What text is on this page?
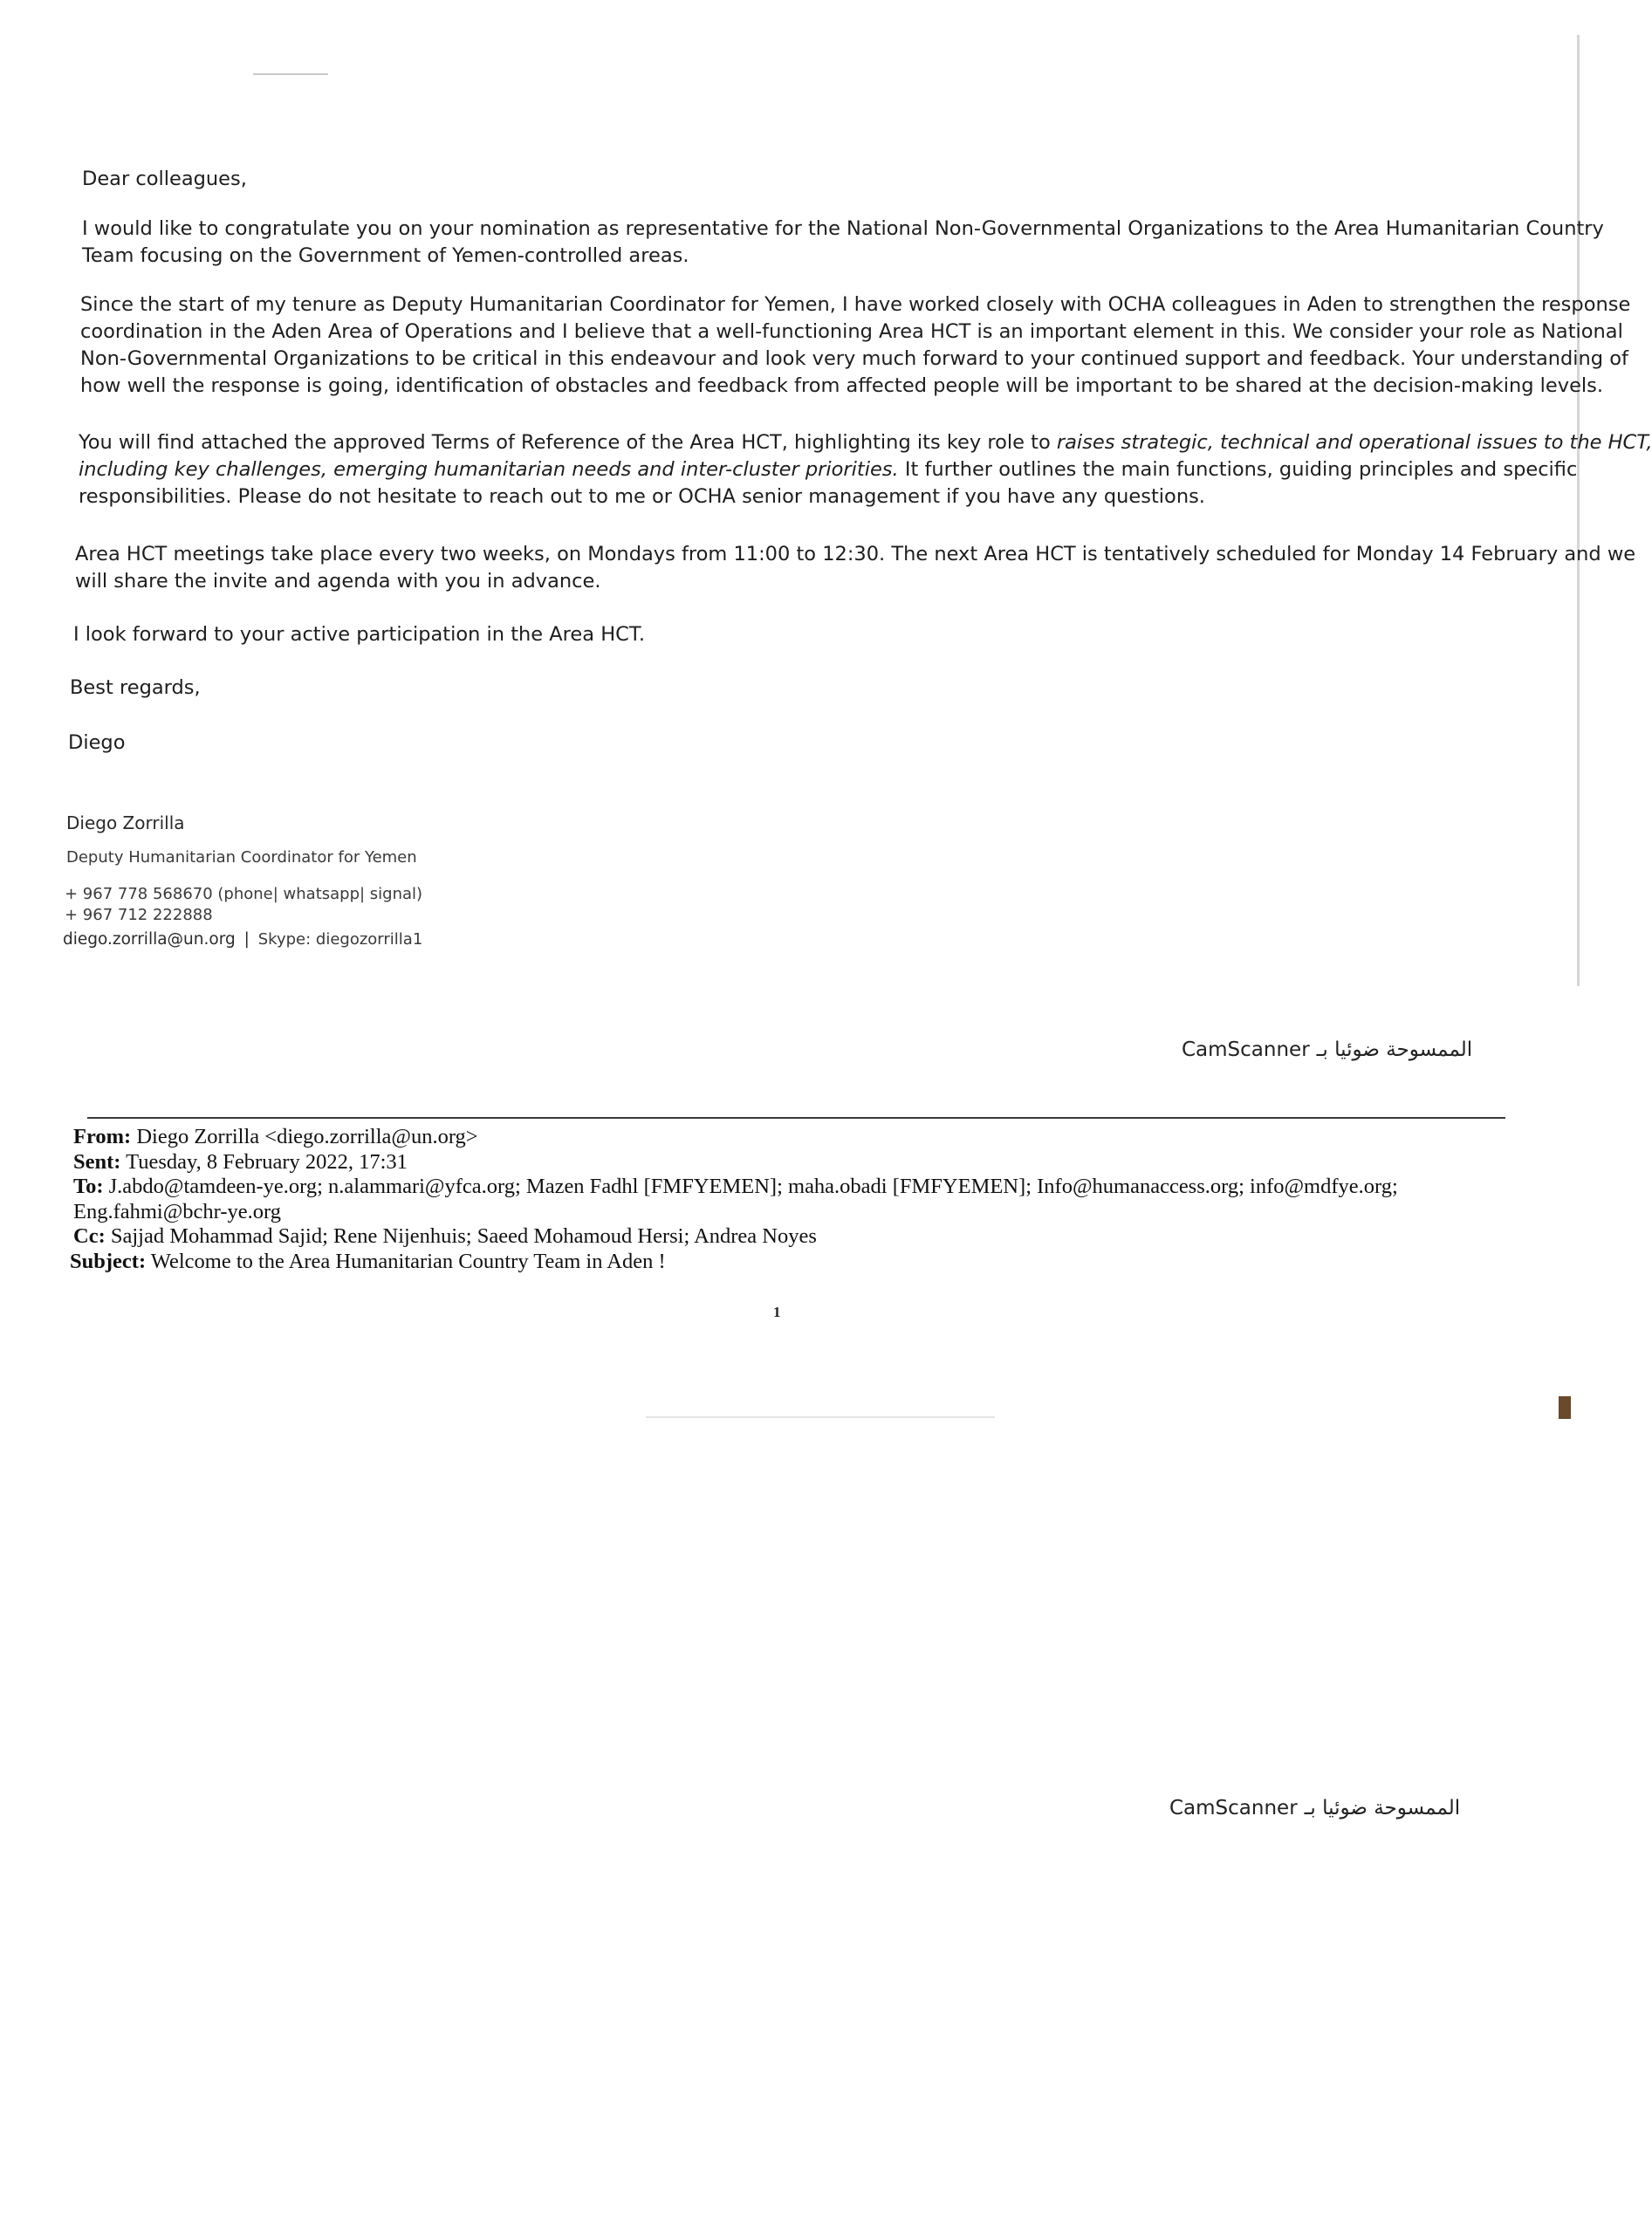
Dear colleagues,

I would like to congratulate you on your nomination as representative for the National Non-Governmental Organizations to the Area Humanitarian Country

Team focusing on the Government of Yemen-controlled areas.

Since the start of my tenure as Deputy Humanitarian Coordinator for Yemen, I have worked closely with OCHA colleagues in Aden to strengthen the response

coordination in the Aden Area of Operations and I believe that a well-functioning Area HCT is an important element in this. We consider your role as National

Non-Governmental Organizations to be critical in this endeavour and look very much forward to your continued support and feedback. Your understanding of

how well the response is going, identification of obstacles and feedback from affected people will be important to be shared at the decision-making levels.

You will find attached the approved Terms of Reference of the Area HCT, highlighting its key role to raises strategic, technical and operational issues to the HCT,

including key challenges, emerging humanitarian needs and inter-cluster priorities. It further outlines the main functions, guiding principles and specific

responsibilities. Please do not hesitate to reach out to me or OCHA senior management if you have any questions.

Area HCT meetings take place every two weeks, on Mondays from 11:00 to 12:30. The next Area HCT is tentatively scheduled for Monday 14 February and we

will share the invite and agenda with you in advance.

I look forward to your active participation in the Area HCT.

Best regards,

Diego

Diego Zorrilla
Deputy Humanitarian Coordinator for Yemen
+ 967 778 568670 (phone| whatsapp| signal)
+ 967 712 222888
diego.zorrilla@un.org | Skype: diegozorrilla1
CamScanner الممسوحة ضوئيا بـ
From: Diego Zorrilla <diego.zorrilla@un.org>
Sent: Tuesday, 8 February 2022, 17:31
To: J.abdo@tamdeen-ye.org; n.alammari@yfca.org; Mazen Fadhl [FMFYEMEN]; maha.obadi [FMFYEMEN]; Info@humanaccess.org; info@mdfye.org;
Eng.fahmi@bchr-ye.org
Cc: Sajjad Mohammad Sajid; Rene Nijenhuis; Saeed Mohamoud Hersi; Andrea Noyes
Subject: Welcome to the Area Humanitarian Country Team in Aden !
1
CamScanner الممسوحة ضوئيا بـ
